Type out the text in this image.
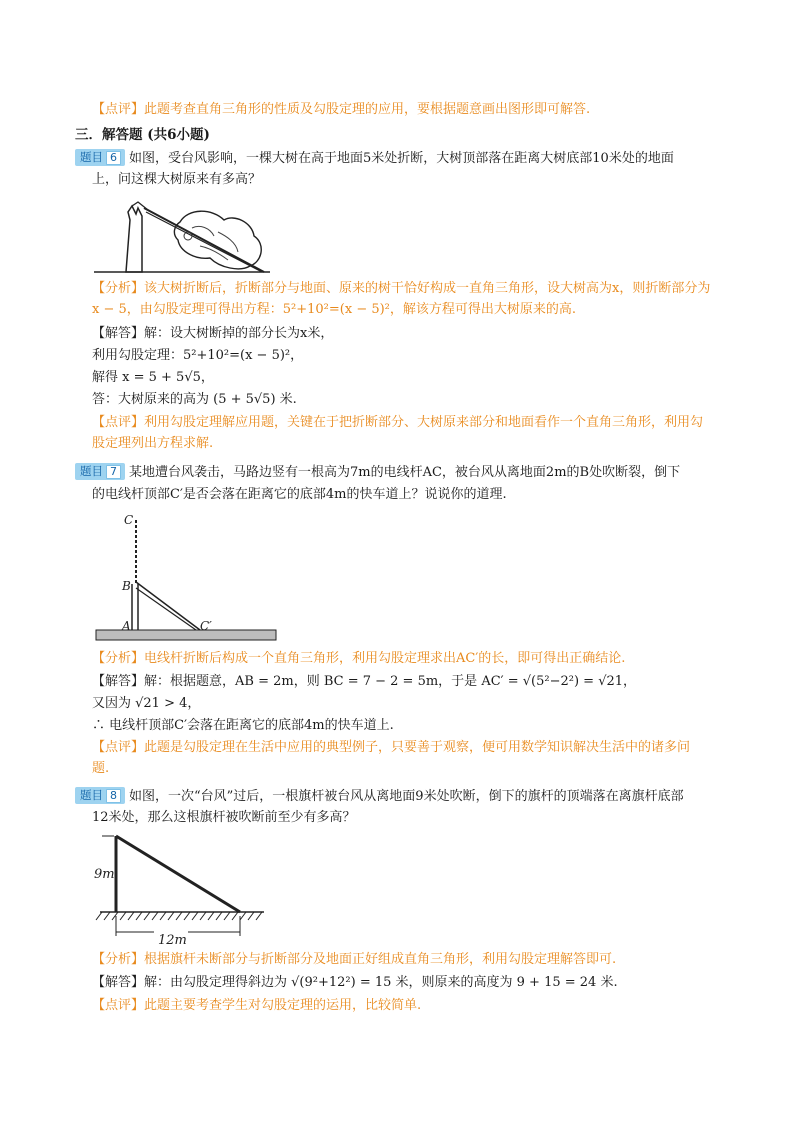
【点评】此题考查直角三角形的性质及勾股定理的应用，要根据题意画出图形即可解答.
三．解答题 (共6小题)
题目 6 如图，受台风影响，一棵大树在高于地面5米处折断，大树顶部落在距离大树底部10米处的地面
上，问这棵大树原来有多高？
【分析】该大树折断后，折断部分与地面、原来的树干恰好构成一直角三角形，设大树高为x，则折断部分为
x − 5，由勾股定理可得出方程：5²+10²=(x − 5)²，解该方程可得出大树原来的高.
【解答】解：设大树断掉的部分长为x米，
利用勾股定理：5²+10²=(x − 5)²，
解得 x = 5 + 5√5，
答：大树原来的高为 (5 + 5√5) 米.
【点评】利用勾股定理解应用题，关键在于把折断部分、大树原来部分和地面看作一个直角三角形，利用勾
股定理列出方程求解.
题目 7 某地遭台风袭击，马路边竖有一根高为7m的电线杆AC，被台风从离地面2m的B处吹断裂，倒下
的电线杆顶部C′是否会落在距离它的底部4m的快车道上？说说你的道理.
C
B
A	C′
【分析】电线杆折断后构成一个直角三角形，利用勾股定理求出AC′的长，即可得出正确结论.
【解答】解：根据题意，AB = 2m，则 BC = 7 − 2 = 5m，于是 AC′ = √(5²−2²) = √21，
又因为 √21 > 4，
∴ 电线杆顶部C′会落在距离它的底部4m的快车道上.
【点评】此题是勾股定理在生活中应用的典型例子，只要善于观察，便可用数学知识解决生活中的诸多问
题.
题目 8 如图，一次“台风”过后，一根旗杆被台风从离地面9米处吹断，倒下的旗杆的顶端落在离旗杆底部
12米处，那么这根旗杆被吹断前至少有多高？
9m
12m
【分析】根据旗杆未断部分与折断部分及地面正好组成直角三角形，利用勾股定理解答即可.
【解答】解：由勾股定理得斜边为 √(9²+12²) = 15 米，则原来的高度为 9 + 15 = 24 米.
【点评】此题主要考查学生对勾股定理的运用，比较简单.
